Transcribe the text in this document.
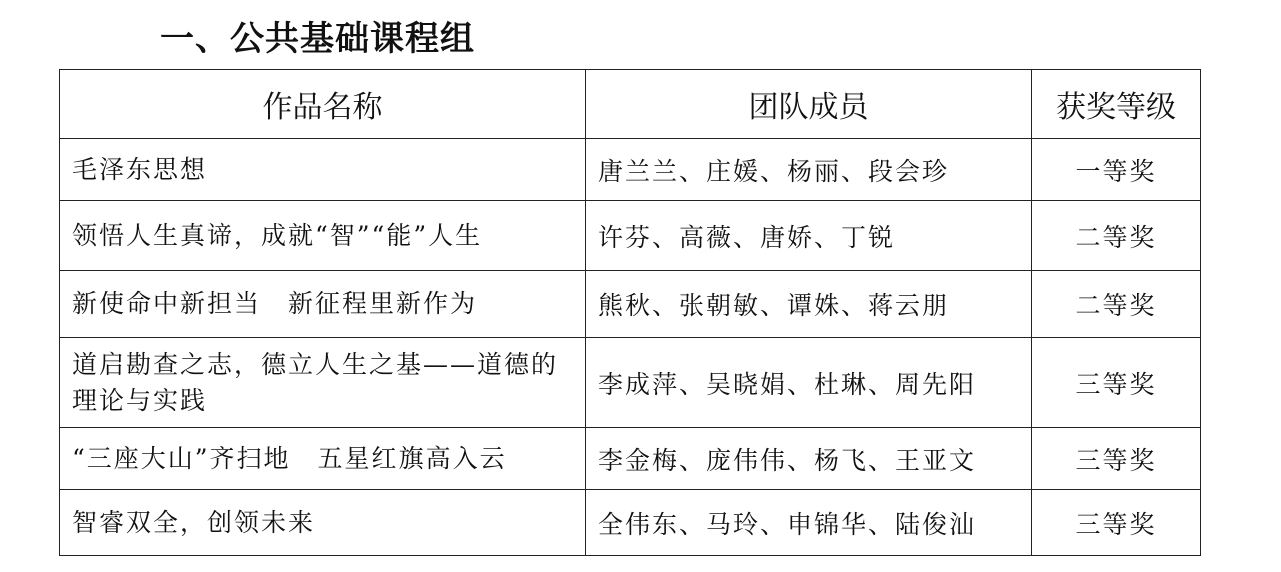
一、公共基础课程组
作品名称	团队成员	获奖等级
毛泽东思想	唐兰兰、庄媛、杨丽、段会珍	一等奖
领悟人生真谛，成就“智”“能”人生	许芬、高薇、唐娇、丁锐	二等奖
新使命中新担当　新征程里新作为	熊秋、张朝敏、谭姝、蒋云朋	二等奖
道启勘查之志，德立人生之基——道德的理论与实践	李成萍、吴晓娟、杜琳、周先阳	三等奖
“三座大山”齐扫地　五星红旗高入云	李金梅、庞伟伟、杨飞、王亚文	三等奖
智睿双全，创领未来	全伟东、马玲、申锦华、陆俊汕	三等奖
